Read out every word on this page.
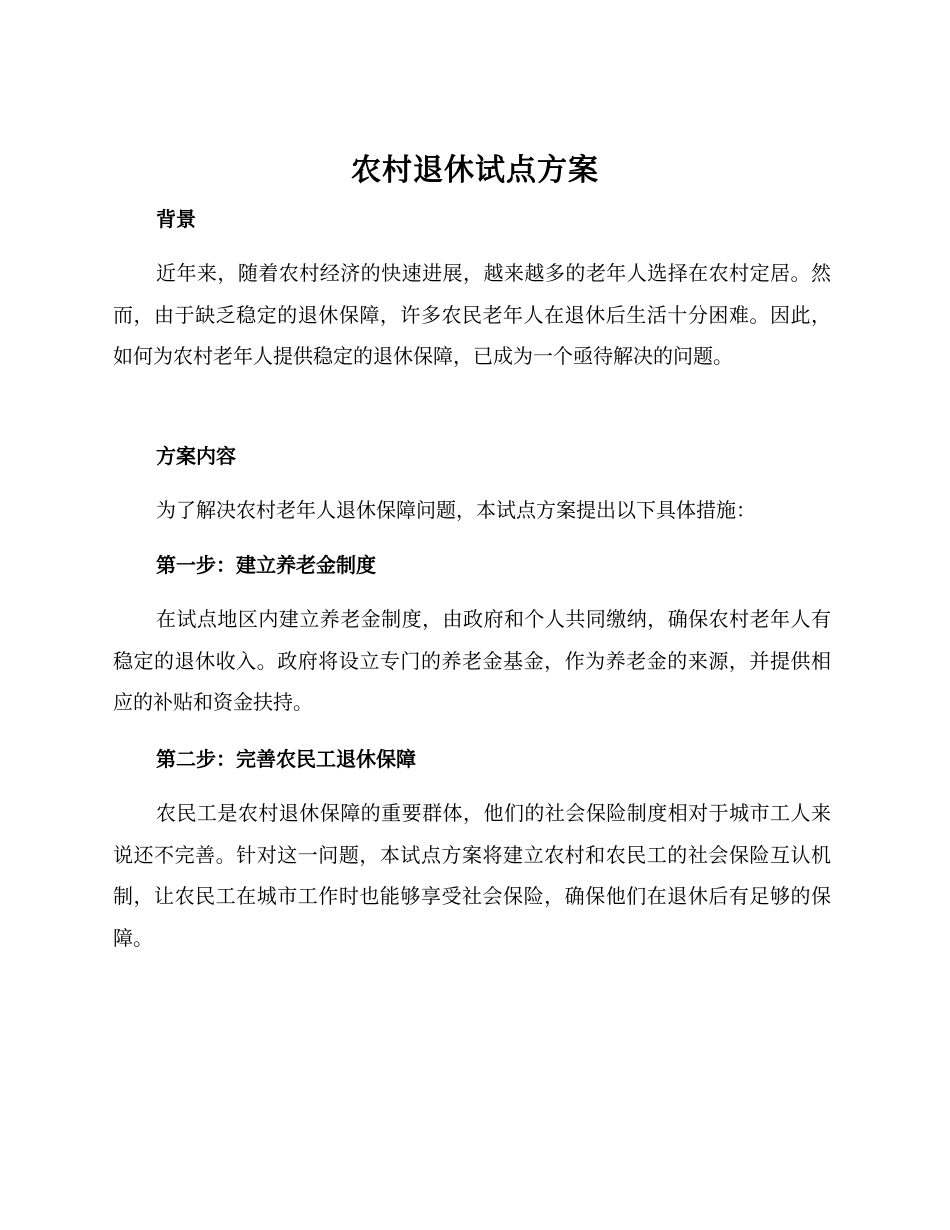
农村退休试点方案
背景

近年来，随着农村经济的快速进展，越来越多的老年人选择在农村定居。然而，由于缺乏稳定的退休保障，许多农民老年人在退休后生活十分困难。因此，如何为农村老年人提供稳定的退休保障，已成为一个亟待解决的问题。

方案内容

为了解决农村老年人退休保障问题，本试点方案提出以下具体措施：

第一步：建立养老金制度

在试点地区内建立养老金制度，由政府和个人共同缴纳，确保农村老年人有稳定的退休收入。政府将设立专门的养老金基金，作为养老金的来源，并提供相应的补贴和资金扶持。

第二步：完善农民工退休保障

农民工是农村退休保障的重要群体，他们的社会保险制度相对于城市工人来说还不完善。针对这一问题，本试点方案将建立农村和农民工的社会保险互认机制，让农民工在城市工作时也能够享受社会保险，确保他们在退休后有足够的保障。
